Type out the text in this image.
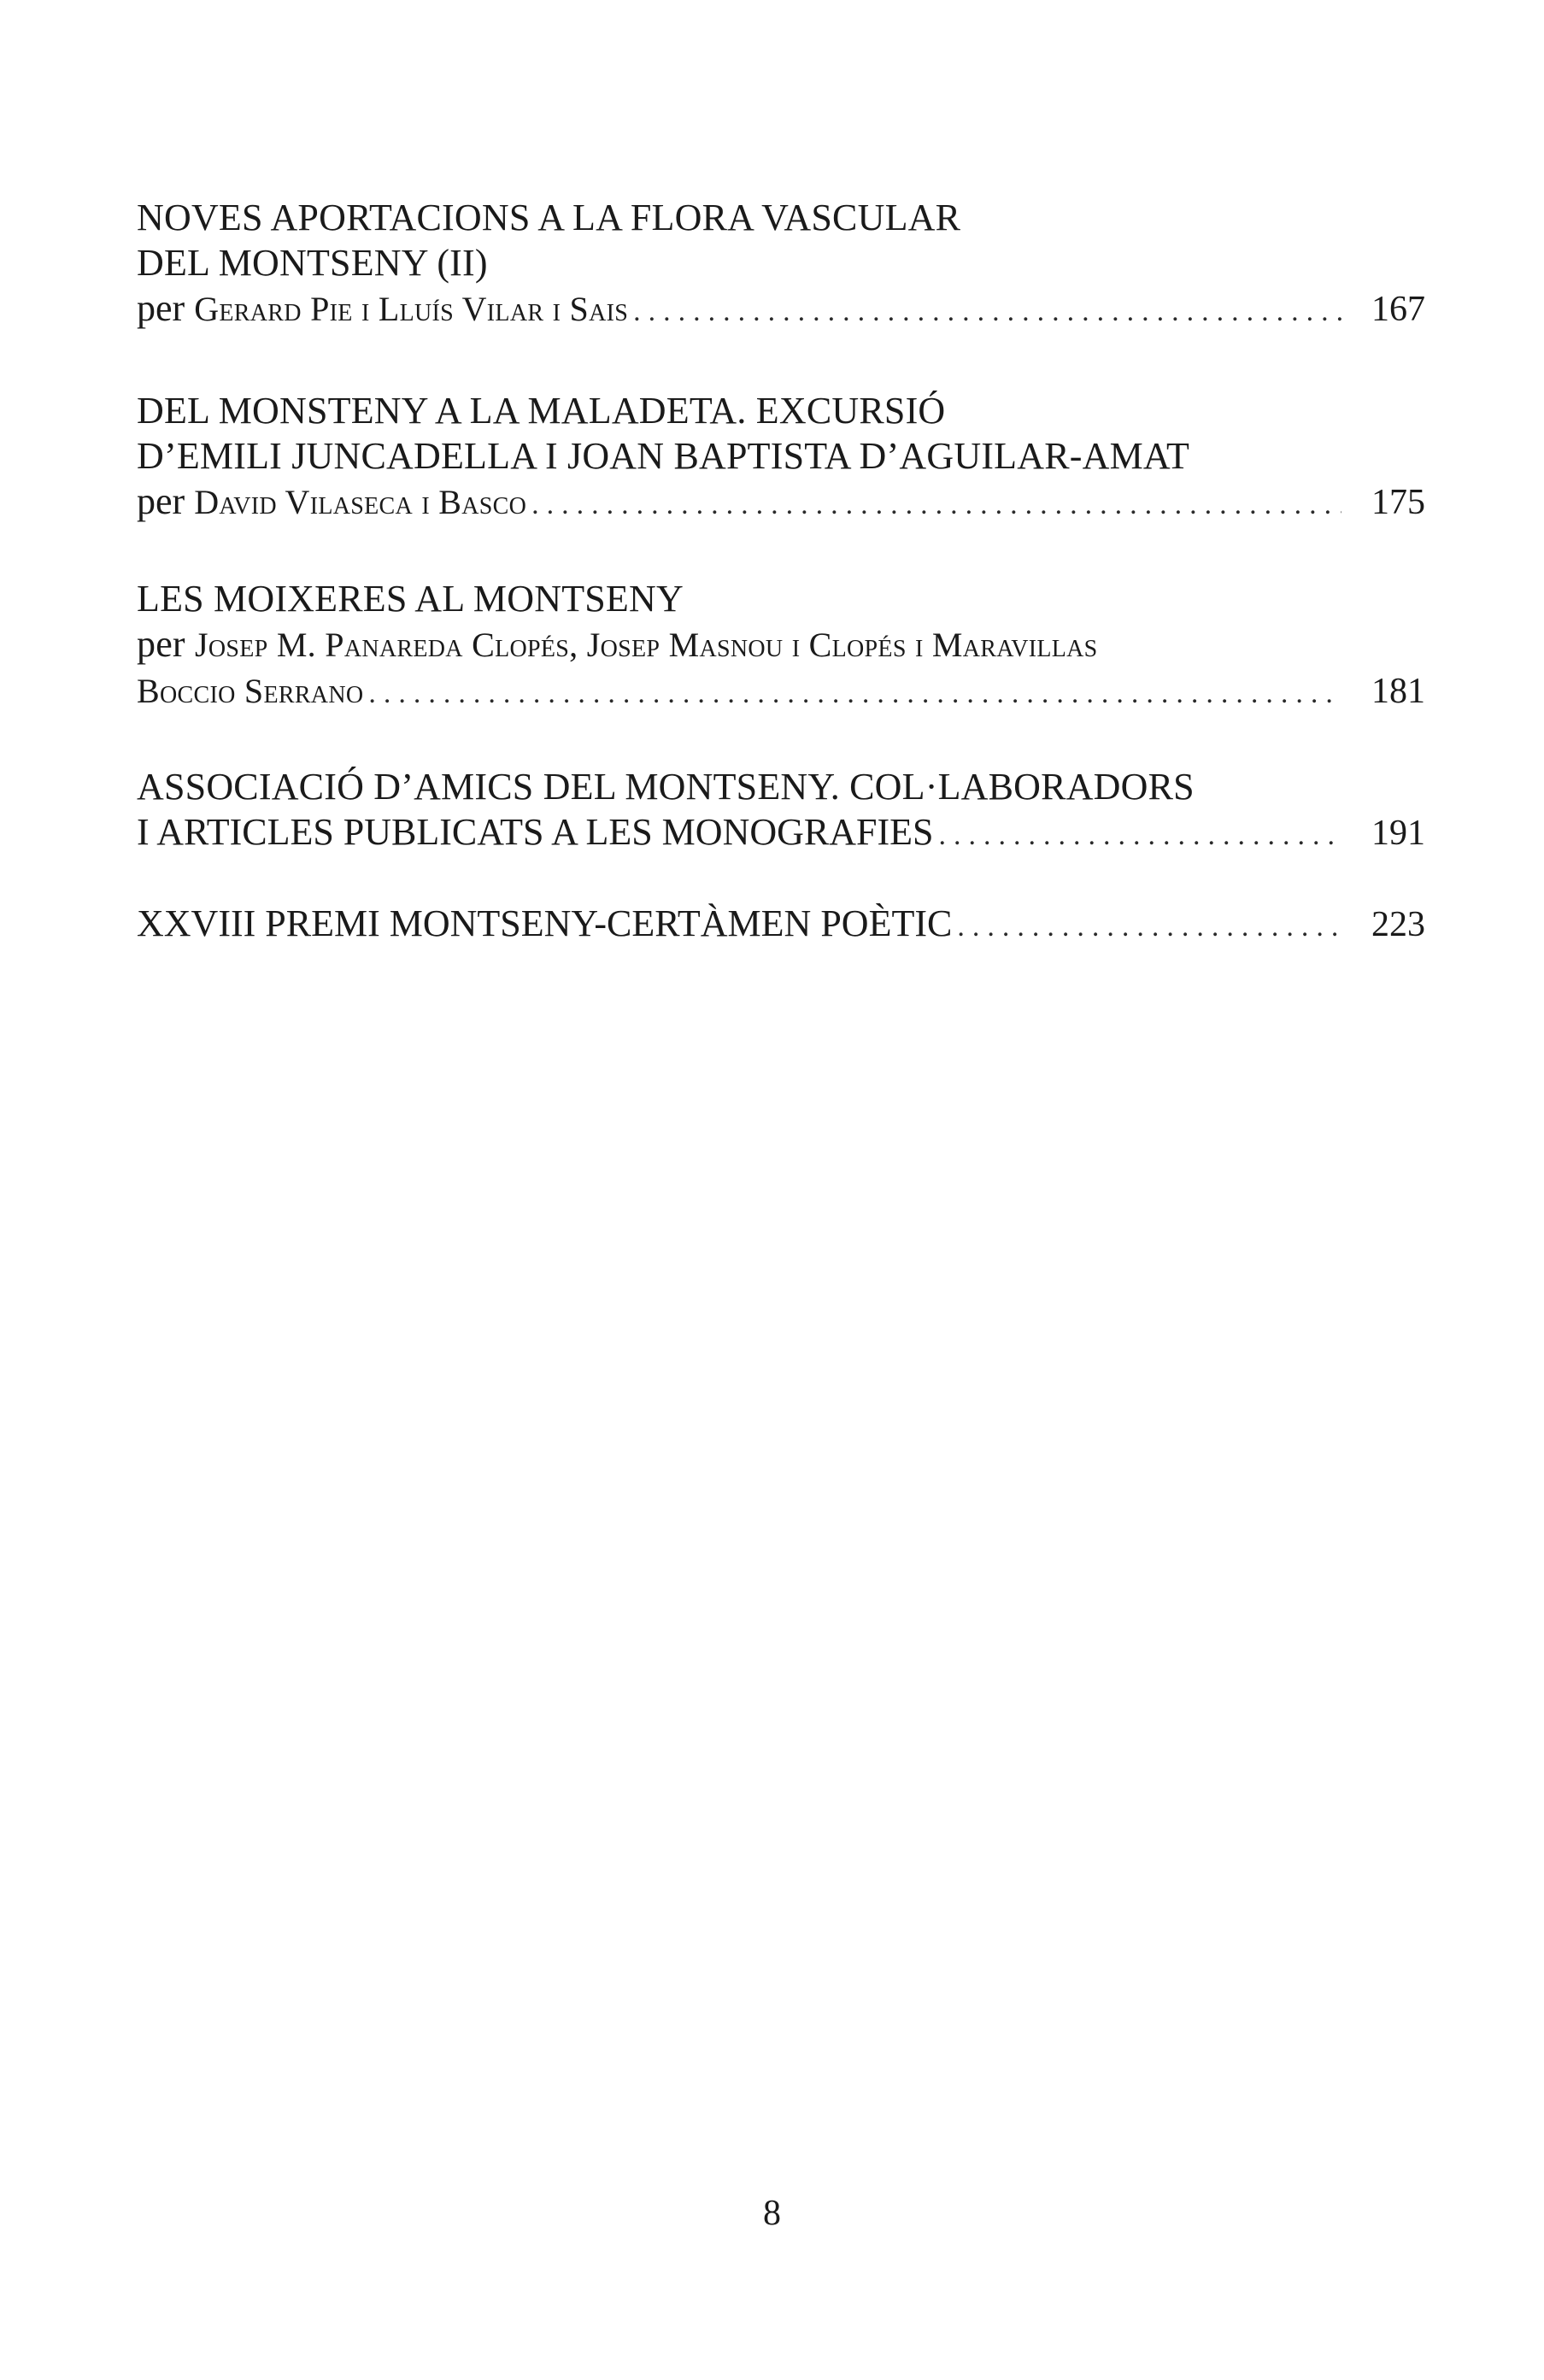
NOVES APORTACIONS A LA FLORA VASCULAR
DEL MONTSENY (II)
per Gerard Pie i Lluís Vilar i Sais .....	167
DEL MONSTENY A LA MALADETA. EXCURSIÓ
D’EMILI JUNCADELLA I JOAN BAPTISTA D’AGUILAR-AMAT
per David Vilaseca i Basco .....	175
LES MOIXERES AL MONTSENY
per Josep M. Panareda Clopés, Josep Masnou i Clopés i Maravillas
Boccio Serrano .....	181
ASSOCIACIÓ D’AMICS DEL MONTSENY. COL·LABORADORS
I ARTICLES PUBLICATS A LES MONOGRAFIES .....	191
XXVIII PREMI MONTSENY-CERTÀMEN POÈTIC .....	223
8
